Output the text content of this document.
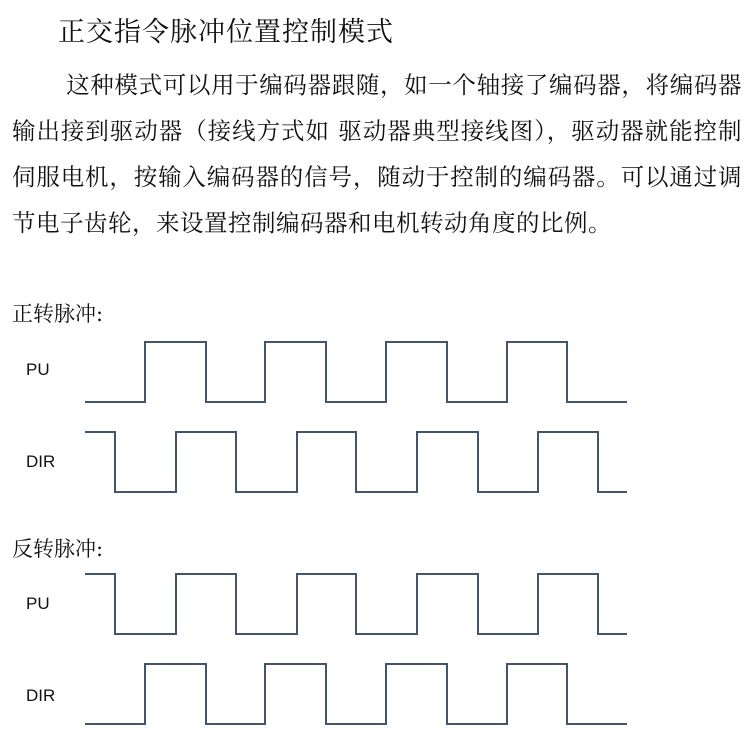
正交指令脉冲位置控制模式
这种模式可以用于编码器跟随，如一个轴接了编码器，将编码器输出接到驱动器（接线方式如 驱动器典型接线图），驱动器就能控制伺服电机，按输入编码器的信号，随动于控制的编码器。可以通过调节电子齿轮，来设置控制编码器和电机转动角度的比例。
正转脉冲:
PU
DIR
反转脉冲:
PU
DIR
